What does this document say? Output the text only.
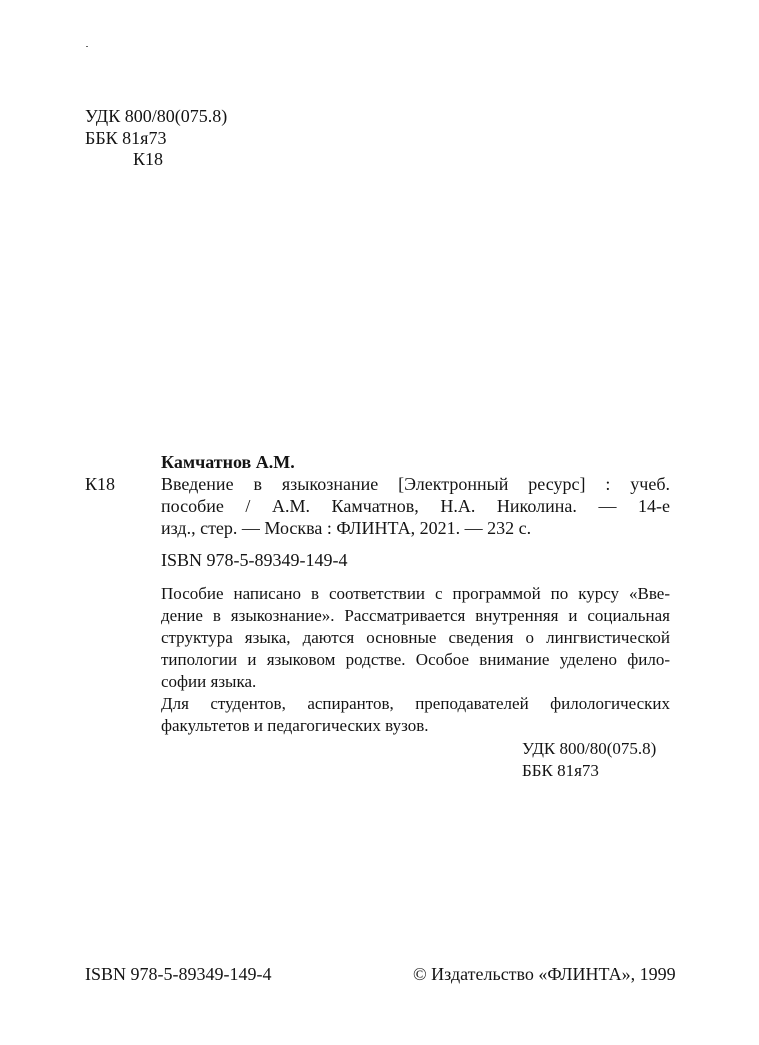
УДК 800/80(075.8)
ББК 81я73
К18
Камчатнов А.М.
К18	Введение в языкознание [Электронный ресурс] : учеб.
пособие / А.М. Камчатнов, Н.А. Николина. — 14-е
изд., стер. — Москва : ФЛИНТА, 2021. — 232 с.
ISBN 978-5-89349-149-4
Пособие написано в соответствии с программой по курсу «Вве-
дение в языкознание». Рассматривается внутренняя и социальная
структура языка, даются основные сведения о лингвистической
типологии и языковом родстве. Особое внимание уделено фило-
софии языка.
Для студентов, аспирантов, преподавателей филологических
факультетов и педагогических вузов.
УДК 800/80(075.8)
ББК 81я73
ISBN 978-5-89349-149-4	© Издательство «ФЛИНТА», 1999
